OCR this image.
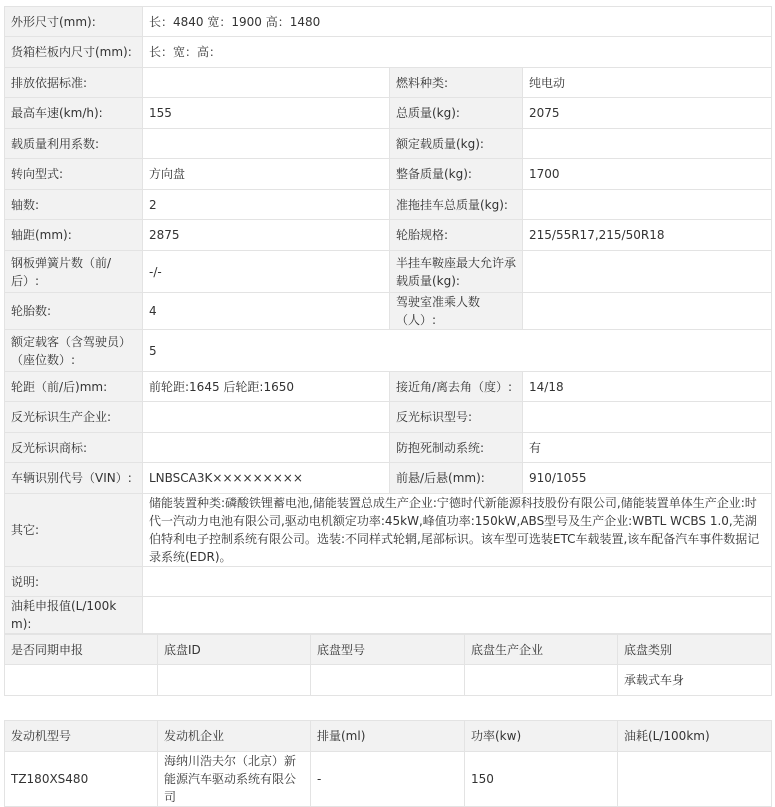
外形尺寸(mm):	长：4840 宽：1900 高：1480		
货箱栏板内尺寸(mm):	长：宽：高：		
排放依据标准:		燃料种类:	纯电动
最高车速(km/h):	155	总质量(kg):	2075
载质量利用系数:		额定载质量(kg):	
转向型式:	方向盘	整备质量(kg):	1700
轴数:	2	准拖挂车总质量(kg):	
轴距(mm):	2875	轮胎规格:	215/55R17,215/50R18
钢板弹簧片数（前/后）:	-/-	半挂车鞍座最大允许承载质量(kg):	
轮胎数:	4	驾驶室准乘人数（人）:	
额定载客（含驾驶员）（座位数）:	5		
轮距（前/后)mm:	前轮距:1645 后轮距:1650	接近角/离去角（度）:	14/18
反光标识生产企业:		反光标识型号:	
反光标识商标:		防抱死制动系统:	有
车辆识别代号（VIN）:	LNBSCA3K×××××××××	前悬/后悬(mm):	910/1055
其它:	储能装置种类:磷酸铁锂蓄电池,储能装置总成生产企业:宁德时代新能源科技股份有限公司,储能装置单体生产企业:时代一汽动力电池有限公司,驱动电机额定功率:45kW,峰值功率:150kW,ABS型号及生产企业:WBTL WCBS 1.0,芜湖伯特利电子控制系统有限公司。选装:不同样式轮辋,尾部标识。该车型可选装ETC车载装置,该车配备汽车事件数据记录系统(EDR)。		
说明:			
油耗申报值(L/100km):			
是否同期申报	底盘ID	底盘型号	底盘生产企业	底盘类别
				承载式车身
发动机型号	发动机企业	排量(ml)	功率(kw)	油耗(L/100km)
TZ180XS480	海纳川浩夫尔（北京）新能源汽车驱动系统有限公司	-	150	
